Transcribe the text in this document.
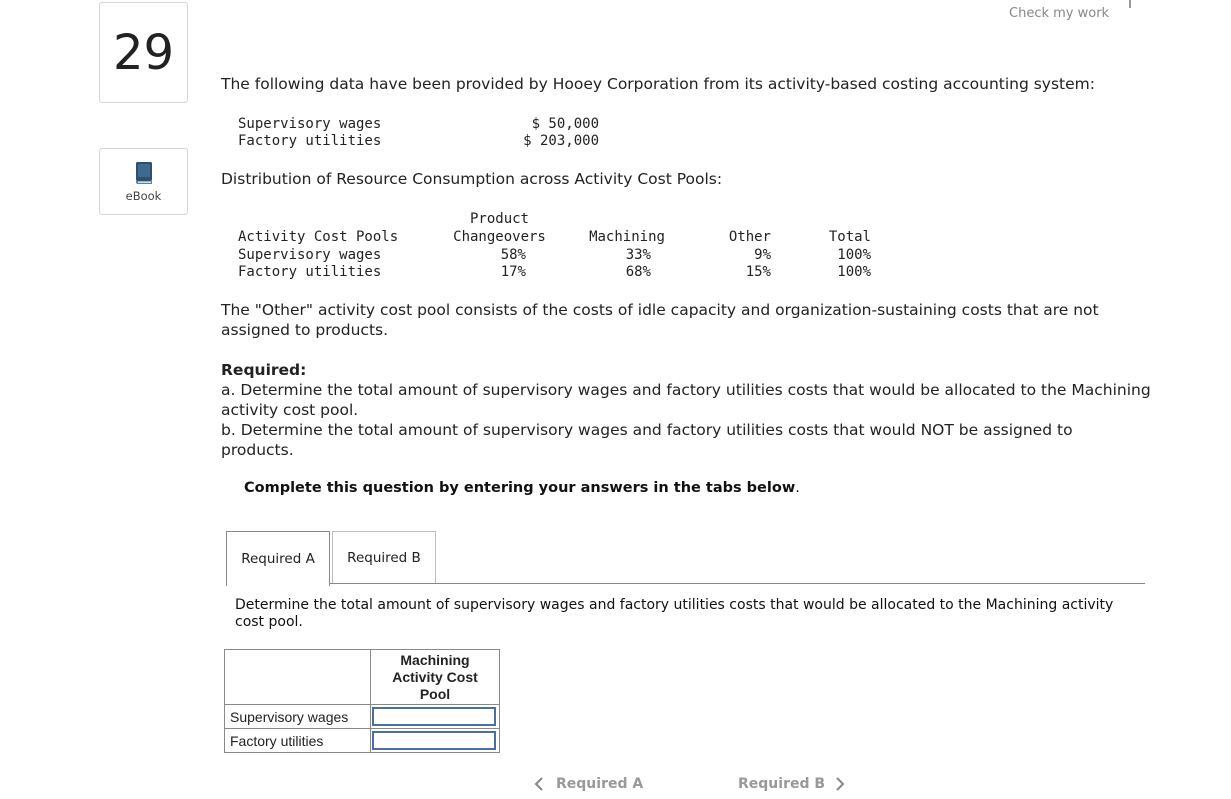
29
eBook
Check my work
The following data have been provided by Hooey Corporation from its activity-based costing accounting system:
Supervisory wages	$ 50,000
Factory utilities	$ 203,000
Distribution of Resource Consumption across Activity Cost Pools:
Product
Activity Cost Pools	Changeovers	Machining	Other	Total
Supervisory wages	58%	33%	9%	100%
Factory utilities	17%	68%	15%	100%
The "Other" activity cost pool consists of the costs of idle capacity and organization-sustaining costs that are not
assigned to products.
Required:
a. Determine the total amount of supervisory wages and factory utilities costs that would be allocated to the Machining
activity cost pool.
b. Determine the total amount of supervisory wages and factory utilities costs that would NOT be assigned to
products.
Complete this question by entering your answers in the tabs below.
Required A	Required B
Determine the total amount of supervisory wages and factory utilities costs that would be allocated to the Machining activity cost pool.

	Machining
Activity Cost
Pool

Supervisory wages	

Factory utilities	
Required A	Required B
